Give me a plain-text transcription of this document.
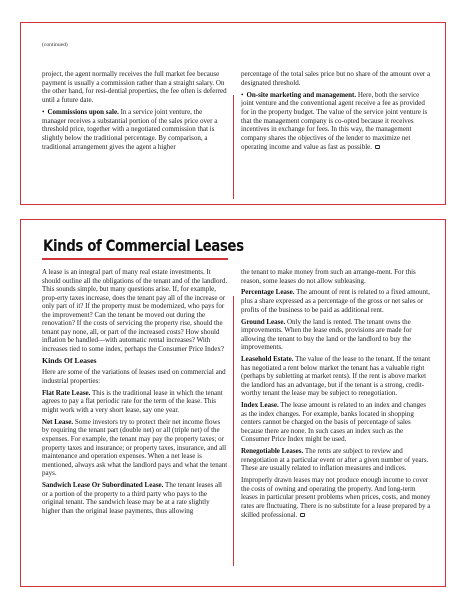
(continued)

project, the agent normally receives the full market fee because payment is usually a commission rather than a straight salary. On the other hand, for resi-dential properties, the fee often is deferred until a future date.

• Commissions upon sale. In a service joint venture, the manager receives a substantial portion of the sales price over a threshold price, together with a negotiated commission that is slightly below the traditional percentage. By comparison, a traditional arrangement gives the agent a higher

percentage of the total sales price but no share of the amount over a designated threshold.

• On-site marketing and management. Here, both the service joint venture and the conventional agent receive a fee as provided for in the property budget. The value of the service joint venture is that the management company is co-opted because it receives incentives in exchange for fees. In this way, the management company shares the objectives of the lender to maximize net operating income and value as fast as possible.

Kinds of Commercial Leases

A lease is an integral part of many real estate investments. It should outline all the obligations of the tenant and of the landlord. This sounds simple, but many questions arise. If, for example, prop-erty taxes increase, does the tenant pay all of the increase or only part of it? If the property must be modernized, who pays for the improvement? Can the tenant be moved out during the renovation? If the costs of servicing the property rise, should the tenant pay none, all, or part of the increased costs? How should inflation be handled—with automatic rental increases? With increases tied to some index, perhaps the Consumer Price Index?

Kinds Of Leases

Here are some of the variations of leases used on commercial and industrial properties:

Flat Rate Lease. This is the traditional lease in which the tenant agrees to pay a flat periodic rate for the term of the lease. This might work with a very short lease, say one year.

Net Lease. Some investors try to protect their net income flows by requiring the tenant part (double net) or all (triple net) of the expenses. For example, the tenant may pay the property taxes; or property taxes and insurance; or property taxes, insurance, and all maintenance and operation expenses. When a net lease is mentioned, always ask what the landlord pays and what the tenant pays.

Sandwich Lease Or Subordinated Lease. The tenant leases all or a portion of the property to a third party who pays to the original tenant. The sandwich lease may be at a rate slightly higher than the original lease payments, thus allowing

the tenant to make money from such an arrange-ment. For this reason, some leases do not allow subleasing.

Percentage Lease. The amount of rent is related to a fixed amount, plus a share expressed as a percentage of the gross or net sales or profits of the business to be paid as additional rent.

Ground Lease. Only the land is rented. The tenant owns the improvements. When the lease ends, provisions are made for allowing the tenant to buy the land or the landlord to buy the improvements.

Leasehold Estate. The value of the lease to the tenant. If the tenant has negotiated a rent below market the tenant has a valuable right (perhaps by subletting at market rents). If the rent is above market the landlord has an advantage, but if the tenant is a strong, credit-worthy tenant the lease may be subject to renegotiation.

Index Lease. The lease amount is related to an index and changes as the index changes. For example, banks located in shopping centers cannot be charged on the basis of percentage of sales because there are none. In such cases an index such as the Consumer Price Index might be used.

Renegotiable Leases. The rents are subject to review and renegotiation at a particular event or after a given number of years. These are usually related to inflation measures and indices.

Improperly drawn leases may not produce enough income to cover the costs of owning and operating the property. And long-term leases in particular present problems when prices, costs, and money rates are fluctuating. There is no substitute for a lease prepared by a skilled professional.
